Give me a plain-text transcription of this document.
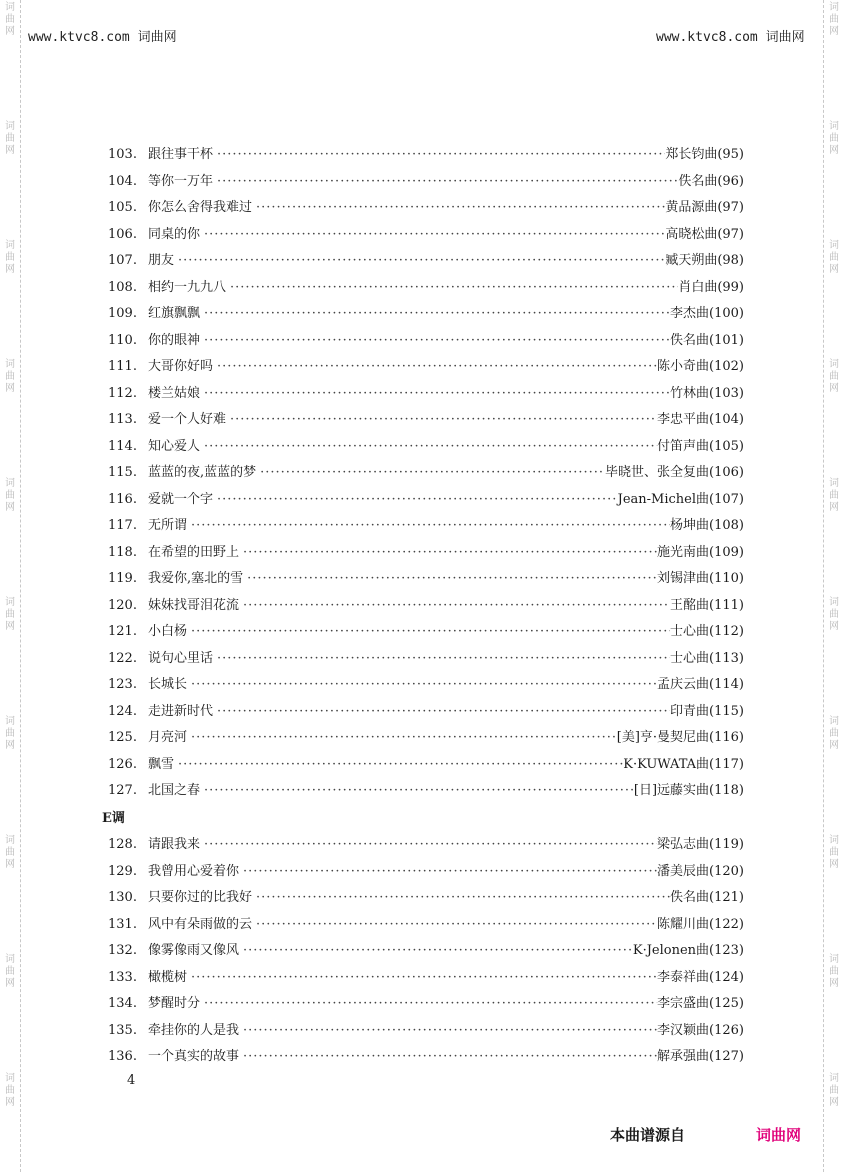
词
曲
网
词
曲
网
词
曲
网
词
曲
网
词
曲
网
词
曲
网
词
曲
网
词
曲
网
词
曲
网
词
曲
网
词
曲
网
词
曲
网
词
曲
网
词
曲
网
词
曲
网
词
曲
网
词
曲
网
词
曲
网
词
曲
网
词
曲
网
www.ktvc8.com 词曲网	www.ktvc8.com 词曲网
103. 跟往事干杯 ·····	郑长钧曲(95)
104. 等你一万年 ·····	佚名曲(96)
105. 你怎么舍得我难过 ·····	黄品源曲(97)
106. 同桌的你 ·····	高晓松曲(97)
107. 朋友 ·····	臧天朔曲(98)
108. 相约一九九八 ·····	肖白曲(99)
109. 红旗飘飘 ·····	李杰曲(100)
110. 你的眼神 ·····	佚名曲(101)
111. 大哥你好吗 ·····	陈小奇曲(102)
112. 楼兰姑娘 ·····	竹林曲(103)
113. 爱一个人好难 ·····	李忠平曲(104)
114. 知心爱人 ·····	付笛声曲(105)
115. 蓝蓝的夜,蓝蓝的梦 ·····	毕晓世、张全复曲(106)
116. 爱就一个字 ·····	Jean-Michel曲(107)
117. 无所谓 ·····	杨坤曲(108)
118. 在希望的田野上 ·····	施光南曲(109)
119. 我爱你,塞北的雪 ·····	刘锡津曲(110)
120. 妹妹找哥泪花流 ·····	王酩曲(111)
121. 小白杨 ·····	士心曲(112)
122. 说句心里话 ·····	士心曲(113)
123. 长城长 ·····	孟庆云曲(114)
124. 走进新时代 ·····	印青曲(115)
125. 月亮河 ·····	[美]亨·曼契尼曲(116)
126. 飘雪 ·····	K·KUWATA曲(117)
127. 北国之春 ·····	[日]远藤实曲(118)
128. 请跟我来 ·····	梁弘志曲(119)
129. 我曾用心爱着你 ·····	潘美辰曲(120)
130. 只要你过的比我好 ·····	佚名曲(121)
131. 风中有朵雨做的云 ·····	陈耀川曲(122)
132. 像雾像雨又像风 ·····	K·Jelonen曲(123)
133. 橄榄树 ·····	李泰祥曲(124)
134. 梦醒时分 ·····	李宗盛曲(125)
135. 牵挂你的人是我 ·····	李汉颖曲(126)
136. 一个真实的故事 ·····	解承强曲(127)
E调
4
本曲谱源自	词曲网
